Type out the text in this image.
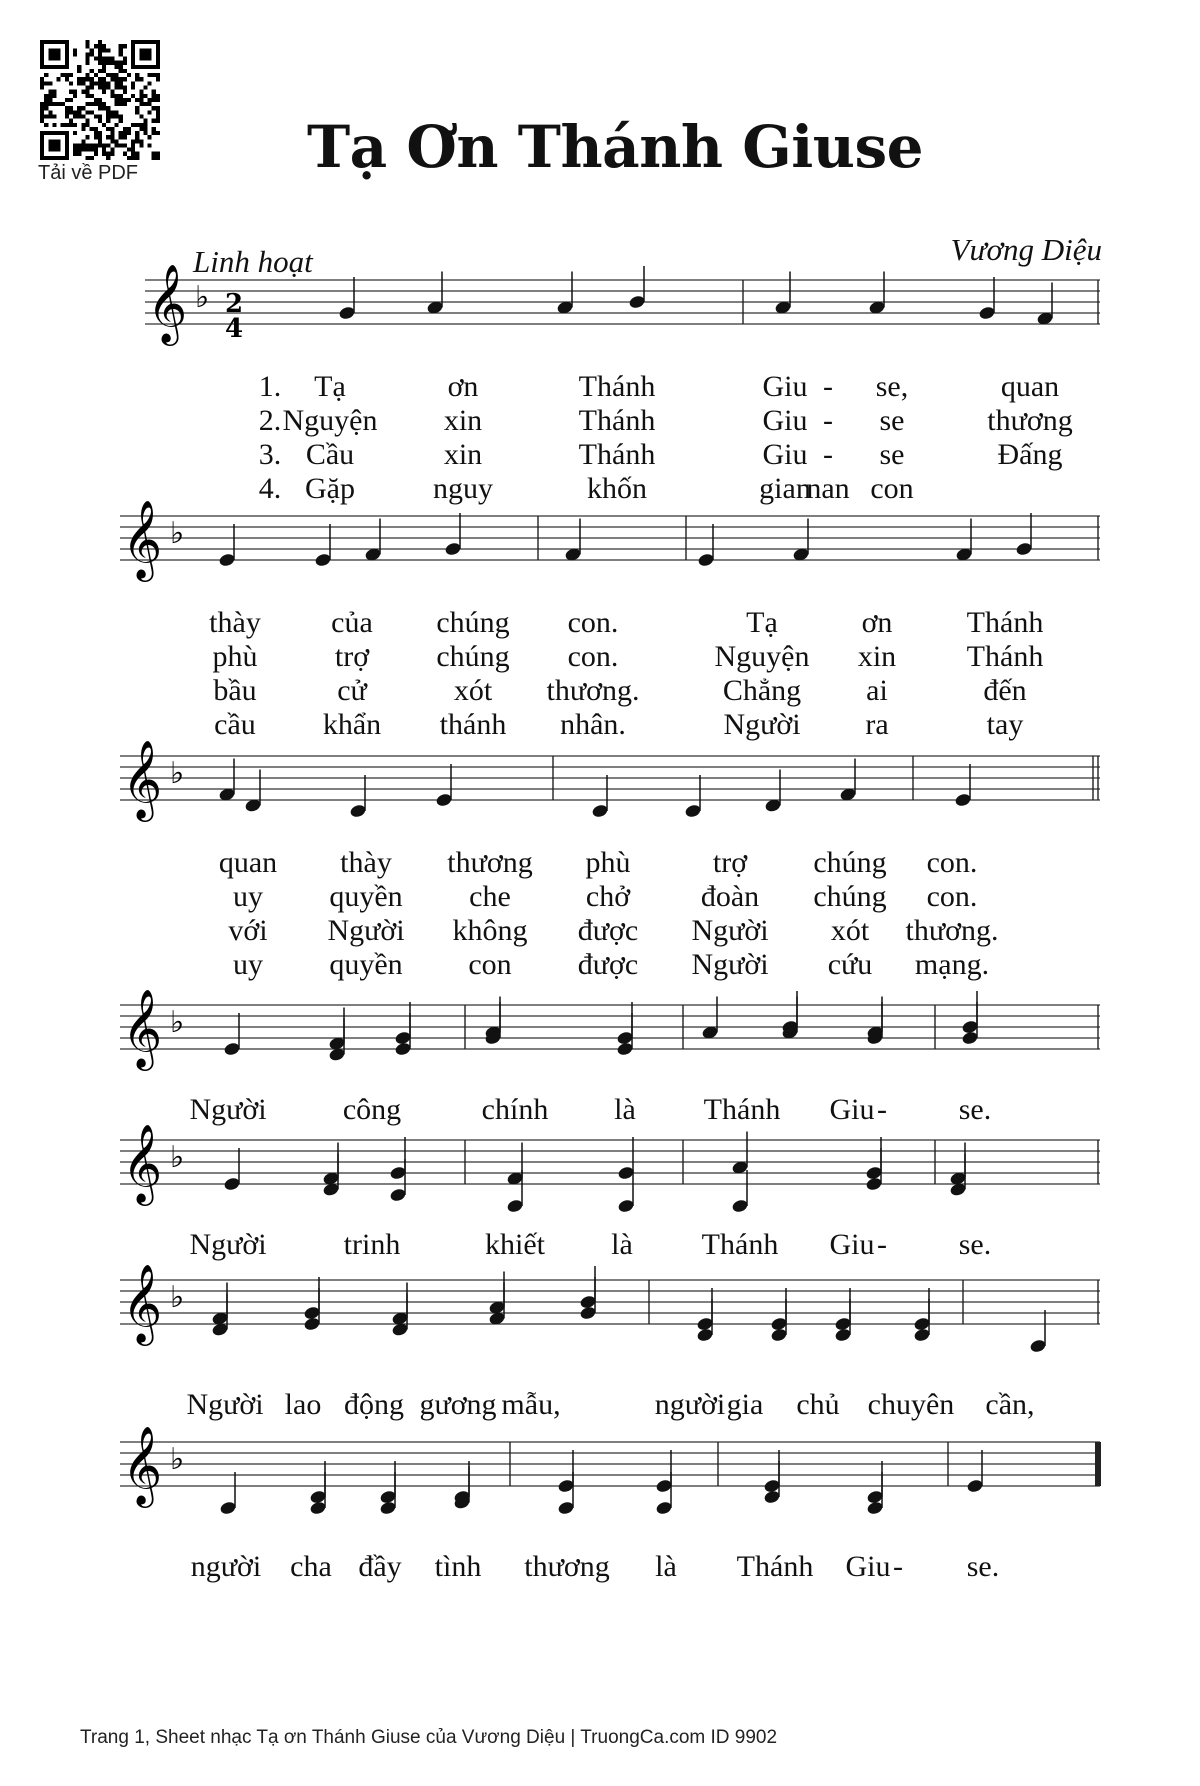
Tải về PDF	Tạ Ơn Thánh Giuse
Linh hoạt	Vương Diệu
𝄞 ♭
𝄞 ♭
𝄞 ♭
𝄞 ♭
𝄞 ♭
𝄞 ♭
𝄞 ♭
2
4
1. Tạ	ơn	Thánh	Giu - se,	quan
2. Nguyện xin	Thánh	Giu - se	thương
3. Cầu	xin	Thánh	Giu - se	Đấng
4. Gặp	nguy	khốn	gian
nan con
thày của chúng con.	Tạ	ơn Thánh
phù	trợ chúng con.	Nguyện xin Thánh
bầu	cử	xót thương.	Chẳng ai	đến
cầu khẩn thánh nhân.	Người ra	tay
quan thày thương phù	trợ chúng con.
uy quyền che	chở đoàn chúng con.
với Người không được Người xót thương.
uy quyền con được Người cứu mạng.
Người	công	chính là Thánh Giu - se.
Người	trinh	khiết là Thánh Giu - se.
Người lao động gương mẫu,	người gia chủ chuyên cần,
người cha đầy tình thương là Thánh Giu - se.
Trang 1, Sheet nhạc Tạ ơn Thánh Giuse của Vương Diệu | TruongCa.com ID 9902
